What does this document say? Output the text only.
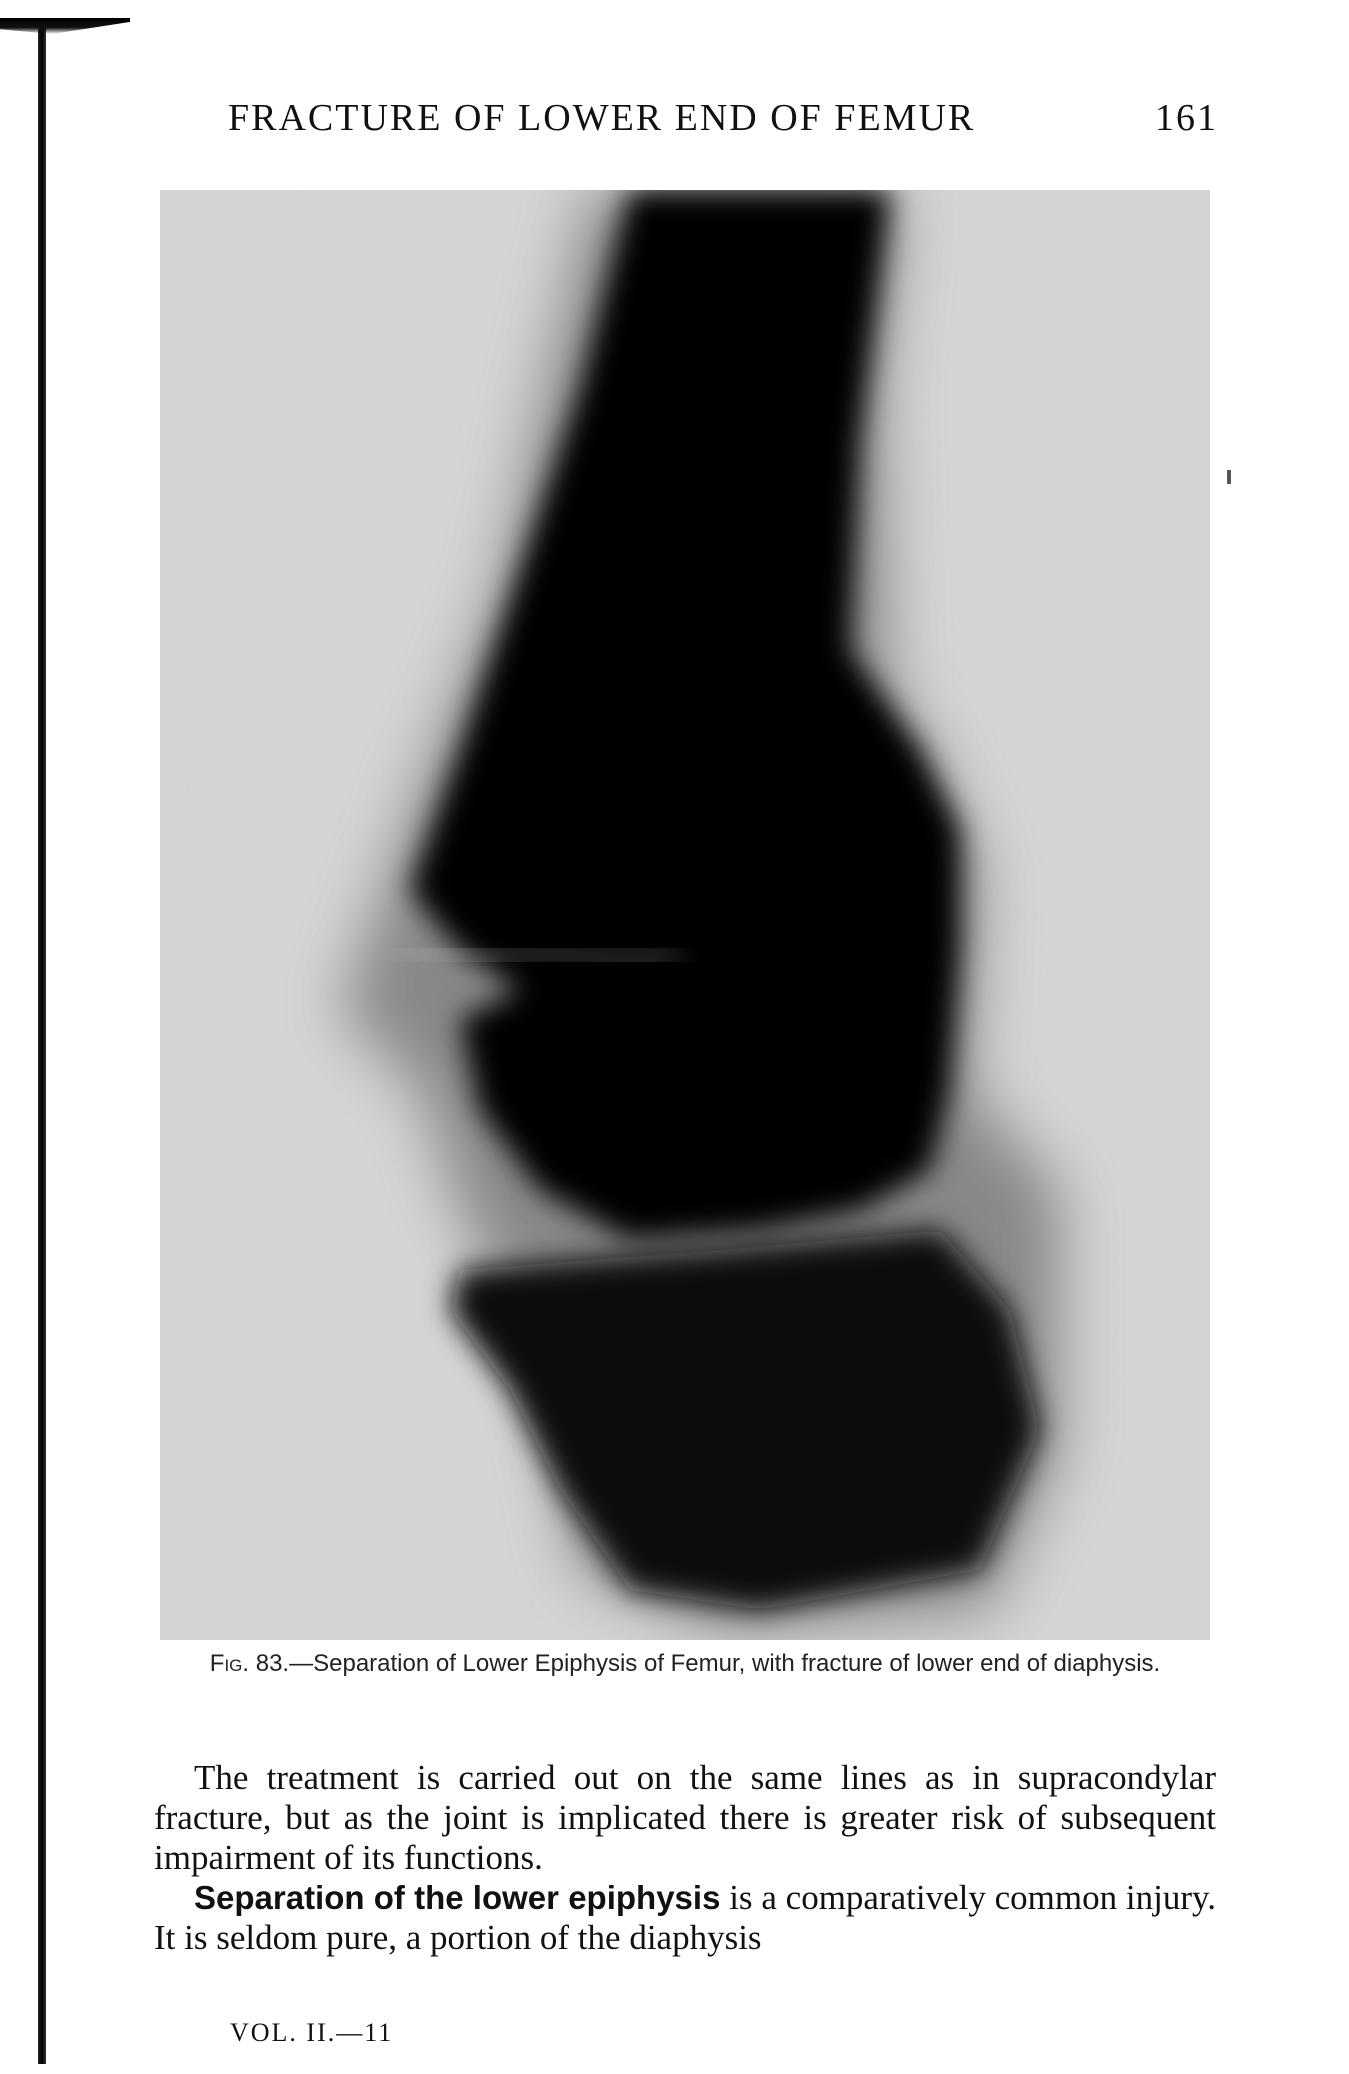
FRACTURE OF LOWER END OF FEMUR	161
Fig. 83.—Separation of Lower Epiphysis of Femur, with fracture of lower end of diaphysis.

The treatment is carried out on the same lines as in supracondylar fracture, but as the joint is implicated there is greater risk of subsequent impairment of its functions.

Separation of the lower epiphysis is a comparatively common injury. It is seldom pure, a portion of the diaphysis

VOL. II.—11
